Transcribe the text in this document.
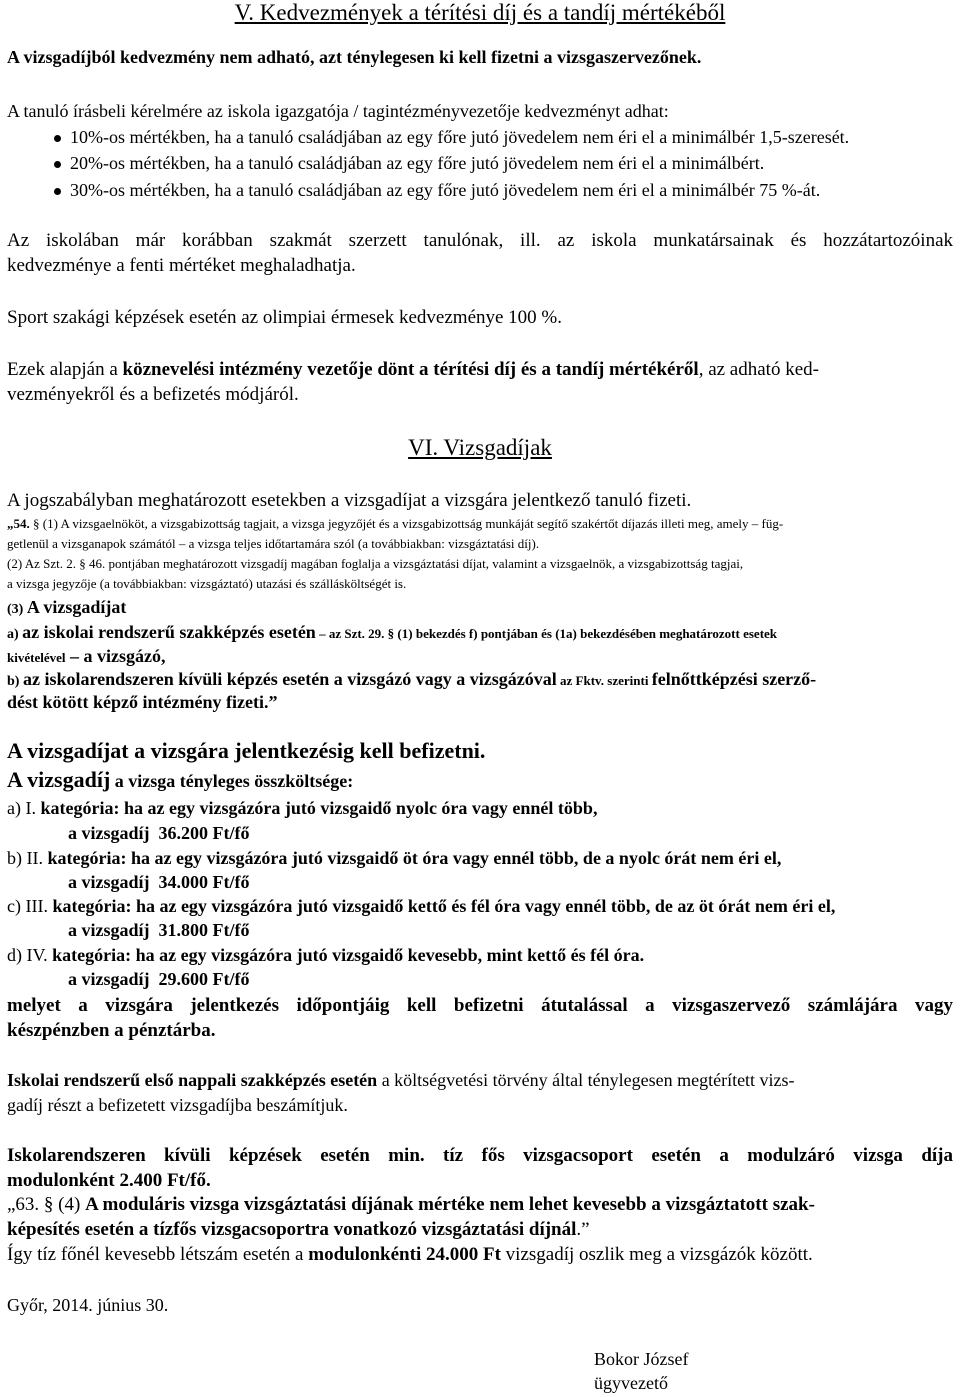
V. Kedvezmények a térítési díj és a tandíj mértékéből
A vizsgadíjból kedvezmény nem adható, azt ténylegesen ki kell fizetni a vizsgaszervezőnek.
A tanuló írásbeli kérelmére az iskola igazgatója / tagintézményvezetője kedvezményt adhat:
10%-os mértékben, ha a tanuló családjában az egy főre jutó jövedelem nem éri el a minimálbér 1,5-szeresét.
20%-os mértékben, ha a tanuló családjában az egy főre jutó jövedelem nem éri el a minimálbért.
30%-os mértékben, ha a tanuló családjában az egy főre jutó jövedelem nem éri el a minimálbér 75 %-át.
Az iskolában már korábban szakmát szerzett tanulónak, ill. az iskola munkatársainak és hozzátartozóinak
kedvezménye a fenti mértéket meghaladhatja.
Sport szakági képzések esetén az olimpiai érmesek kedvezménye 100 %.
Ezek alapján a köznevelési intézmény vezetője dönt a térítési díj és a tandíj mértékéről, az adható ked-
vezményekről és a befizetés módjáról.
VI. Vizsgadíjak
A jogszabályban meghatározott esetekben a vizsgadíjat a vizsgára jelentkező tanuló fizeti.
„54. § (1) A vizsgaelnököt, a vizsgabizottság tagjait, a vizsga jegyzőjét és a vizsgabizottság munkáját segítő szakértőt díjazás illeti meg, amely – füg-
getlenül a vizsganapok számától – a vizsga teljes időtartamára szól (a továbbiakban: vizsgáztatási díj).
(2) Az Szt. 2. § 46. pontjában meghatározott vizsgadíj magában foglalja a vizsgáztatási díjat, valamint a vizsgaelnök, a vizsgabizottság tagjai,
a vizsga jegyzője (a továbbiakban: vizsgáztató) utazási és szállásköltségét is.
(3) A vizsgadíjat
a) az iskolai rendszerű szakképzés esetén – az Szt. 29. § (1) bekezdés f) pontjában és (1a) bekezdésében meghatározott esetek
kivételével – a vizsgázó,
b) az iskolarendszeren kívüli képzés esetén a vizsgázó vagy a vizsgázóval az Fktv. szerinti felnőttképzési szerző-
dést kötött képző intézmény fizeti.”
A vizsgadíjat a vizsgára jelentkezésig kell befizetni.
A vizsgadíj a vizsga tényleges összköltsége:
a) I. kategória: ha az egy vizsgázóra jutó vizsgaidő nyolc óra vagy ennél több,
a vizsgadíj 36.200 Ft/fő
b) II. kategória: ha az egy vizsgázóra jutó vizsgaidő öt óra vagy ennél több, de a nyolc órát nem éri el,
a vizsgadíj 34.000 Ft/fő
c) III. kategória: ha az egy vizsgázóra jutó vizsgaidő kettő és fél óra vagy ennél több, de az öt órát nem éri el,
a vizsgadíj 31.800 Ft/fő
d) IV. kategória: ha az egy vizsgázóra jutó vizsgaidő kevesebb, mint kettő és fél óra.
a vizsgadíj 29.600 Ft/fő
melyet a vizsgára jelentkezés időpontjáig kell befizetni átutalással a vizsgaszervező számlájára vagy
készpénzben a pénztárba.
Iskolai rendszerű első nappali szakképzés esetén a költségvetési törvény által ténylegesen megtérített vizs-
gadíj részt a befizetett vizsgadíjba beszámítjuk.
Iskolarendszeren kívüli képzések esetén min. tíz fős vizsgacsoport esetén a modulzáró vizsga díja
modulonként 2.400 Ft/fő.
„63. § (4) A moduláris vizsga vizsgáztatási díjának mértéke nem lehet kevesebb a vizsgáztatott szak-
képesítés esetén a tízfős vizsgacsoportra vonatkozó vizsgáztatási díjnál.”
Így tíz főnél kevesebb létszám esetén a modulonkénti 24.000 Ft vizsgadíj oszlik meg a vizsgázók között.
Győr, 2014. június 30.
Bokor József
ügyvezető
